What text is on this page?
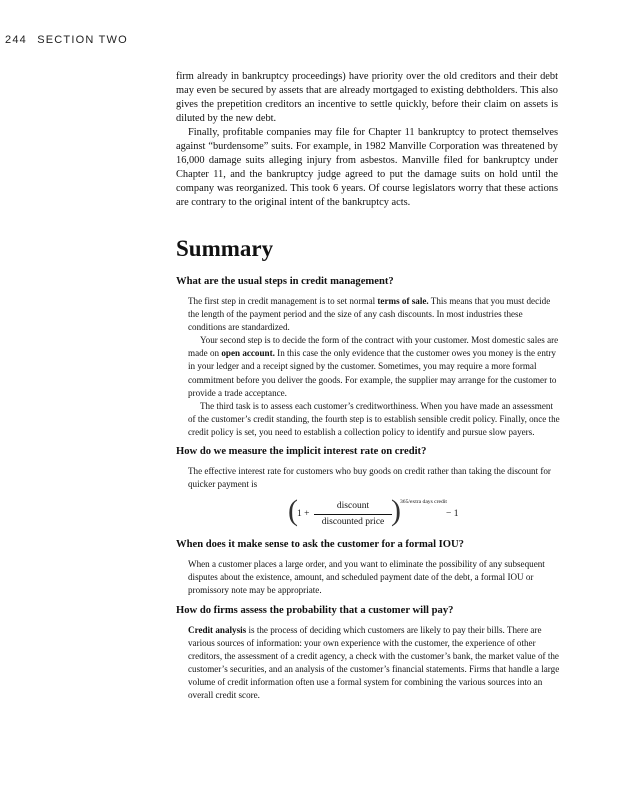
244 SECTION TWO

firm already in bankruptcy proceedings) have priority over the old creditors and their debt may even be secured by assets that are already mortgaged to existing debtholders. This also gives the prepetition creditors an incentive to settle quickly, before their claim on assets is diluted by the new debt.

Finally, profitable companies may file for Chapter 11 bankruptcy to protect themselves against “burdensome” suits. For example, in 1982 Manville Corporation was threatened by 16,000 damage suits alleging injury from asbestos. Manville filed for bankruptcy under Chapter 11, and the bankruptcy judge agreed to put the damage suits on hold until the company was reorganized. This took 6 years. Of course legislators worry that these actions are contrary to the original intent of the bankruptcy acts.

Summary
What are the usual steps in credit management?

The first step in credit management is to set normal terms of sale. This means that you must decide the length of the payment period and the size of any cash discounts. In most industries these conditions are standardized.

Your second step is to decide the form of the contract with your customer. Most domestic sales are made on open account. In this case the only evidence that the customer owes you money is the entry in your ledger and a receipt signed by the customer. Sometimes, you may require a more formal commitment before you deliver the goods. For example, the supplier may arrange for the customer to provide a trade acceptance.

The third task is to assess each customer’s creditworthiness. When you have made an assessment of the customer’s credit standing, the fourth step is to establish sensible credit policy. Finally, once the credit policy is set, you need to establish a collection policy to identify and pursue slow payers.

How do we measure the implicit interest rate on credit?

The effective interest rate for customers who buy goods on credit rather than taking the discount for quicker payment is

( 1 +
discount
discounted price ) 365/extra days credit
− 1
When does it make sense to ask the customer for a formal IOU?

When a customer places a large order, and you want to eliminate the possibility of any subsequent disputes about the existence, amount, and scheduled payment date of the debt, a formal IOU or promissory note may be appropriate.

How do firms assess the probability that a customer will pay?

Credit analysis is the process of deciding which customers are likely to pay their bills. There are various sources of information: your own experience with the customer, the experience of other creditors, the assessment of a credit agency, a check with the customer’s bank, the market value of the customer’s securities, and an analysis of the customer’s financial statements. Firms that handle a large volume of credit information often use a formal system for combining the various sources into an overall credit score.
